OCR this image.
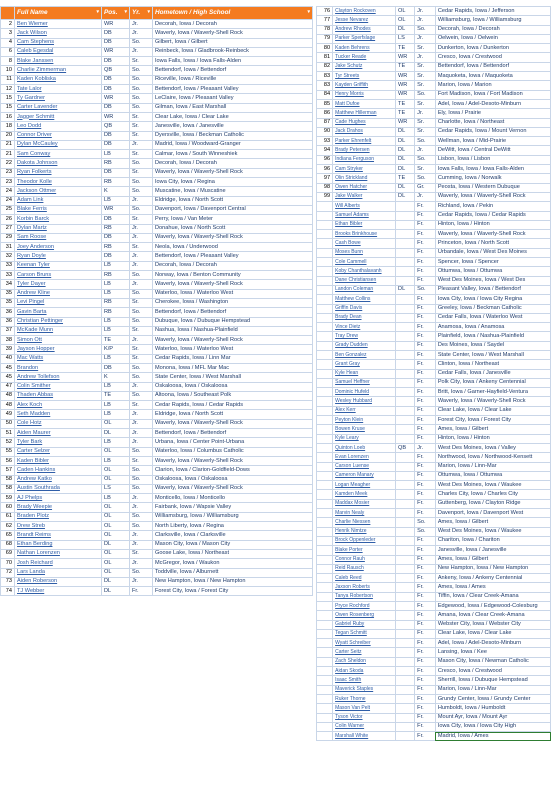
	Full Name ▾	Pos. ▾	Yr. ▾	Hometown / High School ▾

2	Ben Wiemer	WR	Jr.	Decorah, Iowa / Decorah
3	Jack Wilson	DB	Jr.	Waverly, Iowa / Waverly-Shell Rock
4	Cam Stephens	DB	So.	Gilbert, Iowa / Gilbert
6	Caleb Egesdal	WR	Jr.	Reinbeck, Iowa / Gladbrook-Reinbeck
8	Blake Janssen	DB	Sr.	Iowa Falls, Iowa / Iowa Falls-Alden
10	Charlie Zimmerman	QB	So.	Bettendorf, Iowa / Bettendorf
11	Kaden Kobliska	DB	So.	Riceville, Iowa / Riceville
12	Tate Lalor	DB	So.	Bettendorf, Iowa / Pleasant Valley
15	Ty Gardner	WR	So.	LeClaire, Iowa / Pleasant Valley
15	Carter Lavender	DB	So.	Gilman, Iowa / East Marshall
16	Jagger Schmitt	WR	Sr.	Clear Lake, Iowa / Clear Lake
18	Leo Dodd	QB	Sr.	Janesville, Iowa / Janesville
20	Connor Driver	DB	Sr.	Dyersville, Iowa / Beckman Catholic
21	Dylan McCauley	DB	Jr.	Madrid, Iowa / Woodward-Granger
21	Sam Conway	LB	Sr.	Calmar, Iowa / South Winneshiek
22	Dakota Johnson	RB	So.	Decorah, Iowa / Decorah
23	Ryan Folkerts	DB	Sr.	Waverly, Iowa / Waverly-Shell Rock
23	Theodor Kolle	RB	So.	Iowa City, Iowa / Regina
24	Jackson Ottmer	K	So.	Muscatine, Iowa / Muscatine
24	Adam Link	LB	Jr.	Eldridge, Iowa / North Scott
25	Blake Ferris	WR	So.	Davenport, Iowa / Davenport Central
26	Korbin Barck	DB	Sr.	Perry, Iowa / Van Meter
27	Dylan Martz	RB	Jr.	Donahue, Iowa / North Scott
29	Sam Roose	DB	Jr.	Waverly, Iowa / Waverly-Shell Rock
31	Joey Anderson	RB	Sr.	Neola, Iowa / Underwood
32	Ryan Doyle	DB	Jr.	Bettendorf, Iowa / Pleasant Valley
33	Keenan Tyler	LB	Jr.	Decorah, Iowa / Decorah
33	Carson Bruns	RB	So.	Norway, Iowa / Benton Community
34	Tyler Dayer	LB	Jr.	Waverly, Iowa / Waverly-Shell Rock
35	Andrew Kline	LB	So.	Waterloo, Iowa / Waterloo West
35	Levi Pingel	RB	Sr.	Cherokee, Iowa / Washington
36	Gavin Barta	RB	So.	Bettendorf, Iowa / Bettendorf
36	Christian Pettinger	LB	So.	Dubuque, Iowa / Dubuque Hempstead
37	McKade Munn	LB	Sr.	Nashua, Iowa / Nashua-Plainfield
38	Simon Ott	TE	Jr.	Waverly, Iowa / Waverly-Shell Rock
39	Jayson Hopper	K/P	Sr.	Waterloo, Iowa / Waterloo West
40	Mac Watts	LB	Sr.	Cedar Rapids, Iowa / Linn Mar
45	Brandon	DB	So.	Monona, Iowa / MFL Mar Mac
45	Andrew Tollefson	K	So.	State Center, Iowa / West Marshall
47	Colin Smither	LB	Jr.	Oskaloosa, Iowa / Oskaloosa
48	Thaden Abbas	TE	So.	Altoona, Iowa / Southeast Polk
48	Alex Koch	LB	Sr.	Cedar Rapids, Iowa / Cedar Rapids
49	Seth Madden	LB	Jr.	Eldridge, Iowa / North Scott
50	Cole Hotz	OL	Jr.	Waverly, Iowa / Waverly-Shell Rock
51	Aiden Maurer	DL	Jr.	Bettendorf, Iowa / Bettendorf
52	Tyler Bark	LB	Jr.	Urbana, Iowa / Center Point-Urbana
55	Carter Selzer	OL	So.	Waterloo, Iowa / Columbus Catholic
56	Kaden Bibler	LB	Sr.	Waverly, Iowa / Waverly-Shell Rock
57	Caden Hankins	OL	So.	Clarion, Iowa / Clarion-Goldfield-Dows
58	Andrew Katko	OL	So.	Oskaloosa, Iowa / Oskaloosa
58	Austin Southrada	LS	So.	Waverly, Iowa / Waverly-Shell Rock
59	AJ Phelps	LB	Jr.	Monticello, Iowa / Monticello
60	Brady Weepie	OL	Jr.	Fairbank, Iowa / Wapsie Valley
61	Braden Plotz	OL	So.	Williamsburg, Iowa / Williamsburg
62	Drew Streb	OL	So.	North Liberty, Iowa / Regina
65	Brandt Reims	OL	Jr.	Clarksville, Iowa / Clarksville
68	Ethan Berding	DL	Jr.	Mason City, Iowa / Mason City
69	Nathan Lorenzen	OL	Sr.	Goose Lake, Iowa / Northeast
70	Josh Reichard	OL	Jr.	McGregor, Iowa / Waukon
72	Lars Landa	OL	So.	Toddville, Iowa / Alburnett
73	Aiden Roberson	DL	Jr.	New Hampton, Iowa / New Hampton
74	TJ Webber	DL	Fr.	Forest City, Iowa / Forest City
76	Clayton Rockoven	OL	Jr.	Cedar Rapids, Iowa / Jefferson
77	Jesse Nevarez	OL	Jr.	Williamsburg, Iowa / Williamsburg
78	Andrew Rhodes	DL	So.	Decorah, Iowa / Decorah
79	Parker Sperfslage	LS	Jr.	Oelwein, Iowa / Oelwein
80	Kaden Behrens	TE	Sr.	Dunkerton, Iowa / Dunkerton
81	Tucker Reade	WR	Jr.	Cresco, Iowa / Crestwood
82	Jake Schutz	TE	Sr.	Bettendorf, Iowa / Bettendorf
83	Tyr Streets	WR	Sr.	Maquoketa, Iowa / Maquoketa
83	Kayden Griffith	WR	Sr.	Marion, Iowa / Marion
84	Henry Morris	WR	So.	Fort Madison, Iowa / Fort Madison
85	Matt Dufoe	TE	Sr.	Adel, Iowa / Adel-Desoto-Minburn
86	Matthew Hillerman	TE	Jr.	Ely, Iowa / Prairie
87	Cade Hughes	WR	Sr.	Charlotte, Iowa / Northeast
90	Jack Drahos	DL	Sr.	Cedar Rapids, Iowa / Mount Vernon
93	Parker Ehrenfelt	DL	So.	Wellman, Iowa / Mid-Prairie
94	Brady Petersen	DL	Jr.	DeWitt, Iowa / Central DeWitt
96	Indiana Ferguson	DL	So.	Lisbon, Iowa / Lisbon
96	Cam Stryker	DL	Sr.	Iowa Falls, Iowa / Iowa Falls-Alden
97	Olin Strickland	TE	So.	Cumming, Iowa / Norwalk
98	Owen Hatcher	DL	Gr.	Peosta, Iowa / Western Dubuque
99	Jake Walker	DL	Jr.	Waverly, Iowa / Waverly-Shell Rock
	Will Alberts		Fr.	Richland, Iowa / Pekin
	Samuel Adams		Fr.	Cedar Rapids, Iowa / Cedar Rapids
	Ethan Bibler		Fr.	Hinton, Iowa / Hinton
	Brooks Brinkhouse		Fr.	Waverly, Iowa / Waverly-Shell Rock
	Cash Bowe		Fr.	Princeton, Iowa / North Scott
	Moses Bunn		Fr.	Urbandale, Iowa / West Des Moines
	Cole Cammell		Fr.	Spencer, Iowa / Spencer
	Koby Chanthalavanh		Fr.	Ottumwa, Iowa / Ottumwa
	Dane Christiansen		Fr.	West Des Moines, Iowa / West Des
	Landon Coleman	DL	So.	Pleasant Valley, Iowa / Bettendorf
	Matthew Collins		Fr.	Iowa City, Iowa / Iowa City Regina
	Griffin Davis		Fr.	Greeley, Iowa / Beckman Catholic
	Brady Dean		Fr.	Cedar Falls, Iowa / Waterloo West
	Vince Dietz		Fr.	Anamosa, Iowa / Anamosa
	Tray Drew		Fr.	Plainfield, Iowa / Nashua-Plainfield
	Grady Dudden		Fr.	Des Moines, Iowa / Saydel
	Ben Gonzalez		Fr.	State Center, Iowa / West Marshall
	Grant Gray		Fr.	Clinton, Iowa / Northeast
	Kyle Hean		Fr.	Cedar Falls, Iowa / Janesville
	Samuel Heffner		Fr.	Polk City, Iowa / Ankeny Centennial
	Dominic Hufeld		Fr.	Britt, Iowa / Garner-Hayfield-Ventura
	Wesley Hubbard		Fr.	Waverly, Iowa / Waverly-Shell Rock
	Alex Kerr		Fr.	Clear Lake, Iowa / Clear Lake
	Peyton Klein		Fr.	Forest City, Iowa / Forest City
	Bowen Kruse		Fr.	Ames, Iowa / Gilbert
	Kyle Leary		Fr.	Hinton, Iowa / Hinton
	Quinton Loeb	QB	Jr.	West Des Moines, Iowa / Valley
	Evan Lorenzen		Fr.	Northwood, Iowa / Northwood-Kensett
	Carson Luense		Fr.	Marion, Iowa / Linn-Mar
	Cameron Manary		Fr.	Ottumwa, Iowa / Ottumwa
	Logan Meagher		Fr.	West Des Moines, Iowa / Waukee
	Kamden Meek		Fr.	Charles City, Iowa / Charles City
	Maddax Mosier		Fr.	Guttenberg, Iowa / Clayton Ridge
	Marvin Nealy		Fr.	Davenport, Iowa / Davenport West
	Charlie Niessen		So.	Ames, Iowa / Gilbert
	Henrik Nimtze		So.	West Des Moines, Iowa / Waukee
	Brock Oppenleder		Fr.	Chariton, Iowa / Chariton
	Blake Porter		Fr.	Janesville, Iowa / Janesville
	Connor Rauh		Fr.	Ames, Iowa / Gilbert
	Reid Rausch		Fr.	New Hampton, Iowa / New Hampton
	Caleb Reed		Fr.	Ankeny, Iowa / Ankeny Centennial
	Jaxson Roberts		Fr.	Ames, Iowa / Ames
	Tanya Robertson		Fr.	Tiffin, Iowa / Clear Creek-Amana
	Pryce Rochford		Fr.	Edgewood, Iowa / Edgewood-Colesburg
	Owen Rosenberg		Fr.	Amana, Iowa / Clear Creek-Amana
	Gabriel Ruby		Fr.	Webster City, Iowa / Webster City
	Tegan Schmitt		Fr.	Clear Lake, Iowa / Clear Lake
	Wyatt Schreiber		Fr.	Adel, Iowa / Adel-Desoto-Minburn
	Carter Seitz		Fr.	Lansing, Iowa / Kee
	Zach Sheldon		Fr.	Mason City, Iowa / Newman Catholic
	Aidan Skoda		Fr.	Cresco, Iowa / Crestwood
	Isaac Smith		Fr.	Sherrill, Iowa / Dubuque Hempstead
	Maverick Staples		Fr.	Marion, Iowa / Linn-Mar
	Ruker Thorne		Fr.	Grundy Center, Iowa / Grundy Center
	Mason Van Pelt		Fr.	Humboldt, Iowa / Humboldt
	Tyson Victor		Fr.	Mount Ayr, Iowa / Mount Ayr
	Colin Warner		Fr.	Iowa City, Iowa / Iowa City High
	Marshall White		Fr.	Madrid, Iowa / Ames
